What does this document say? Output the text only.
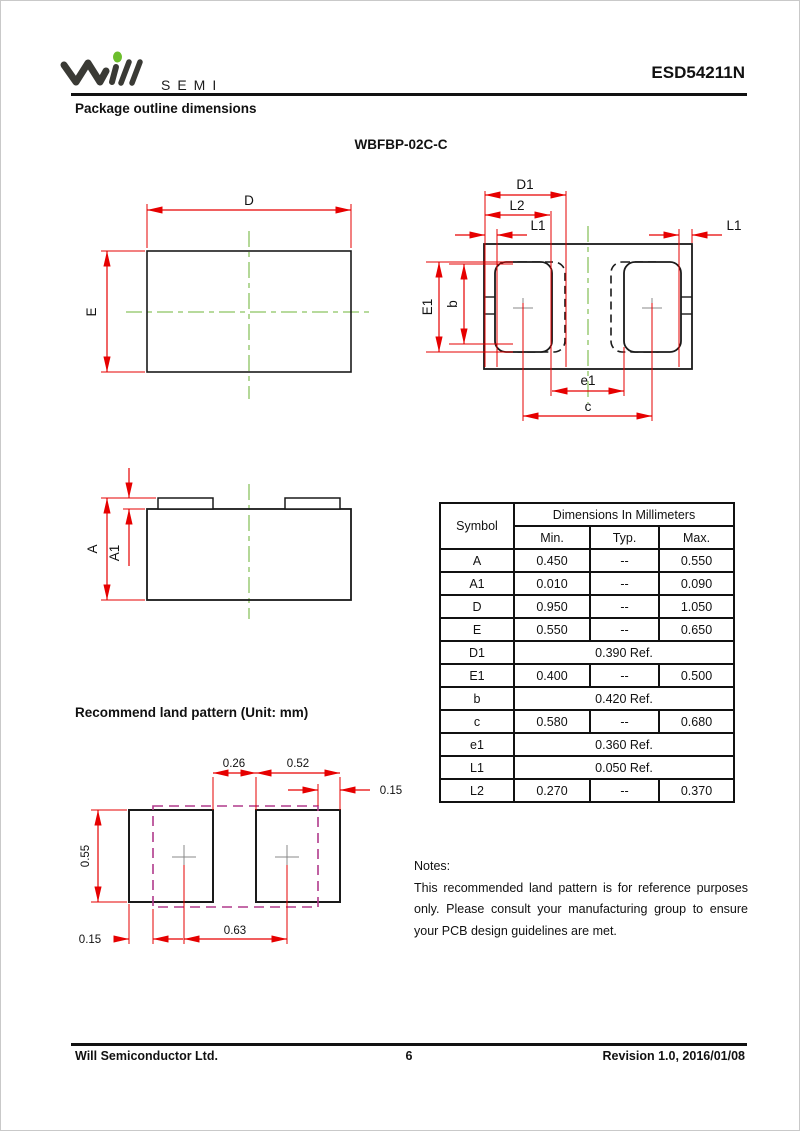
SEMI
ESD54211N
Package outline dimensions
WBFBP-02C-C
D
E
D1
L2
L1	L1
E1 b
e1
c
A A1
Symbol	Dimensions In Millimeters		
	Min.	Typ.	Max.
A	0.450	--	0.550
A1	0.010	--	0.090
D	0.950	--	1.050
E	0.550	--	0.650
D1	0.390 Ref.		
E1	0.400	--	0.500
b	0.420 Ref.		
c	0.580	--	0.680
e1	0.360 Ref.		
L1	0.050 Ref.		
L2	0.270	--	0.370
Recommend land pattern (Unit: mm)
0.26	0.52
0.15
0.55
0.15
0.63
Notes:
This recommended land pattern is for reference purposes only. Please consult your manufacturing group to ensure your PCB design guidelines are met.
Will Semiconductor Ltd.	6	Revision 1.0, 2016/01/08
